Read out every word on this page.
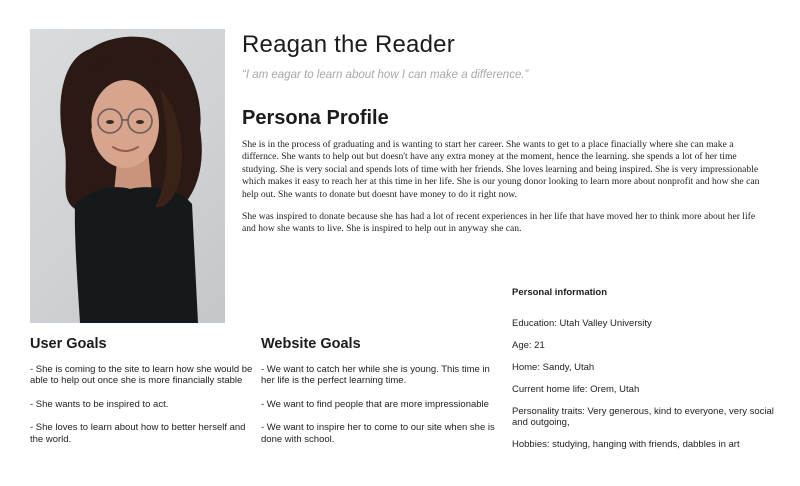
Reagan the Reader
“I am eagar to learn about how I can make a difference.”
Persona Profile

She is in the process of graduating and is wanting to start her career. She wants to get to a place finacially where she can make a differnce. She wants to help out but doesn't have any extra money at the moment, hence the learning. she spends a lot of her time studying. She is very social and spends lots of time with her friends. She loves learning and being inspired. She is very impressionable which makes it easy to reach her at this time in her life. She is our young donor looking to learn more about nonprofit and how she can help out. She wants to donate but doesnt have money to do it right now.

She was inspired to donate because she has had a lot of recent experiences in her life that have moved her to think more about her life and how she wants to live. She is inspired to help out in anyway she can.

User Goals
- She is coming to the site to learn how she would be able to help out once she is more financially stable
- She wants to be inspired to act.
- She loves to learn about how to better herself and the world.
Website Goals
- We want to catch her while she is young. This time in her life is the perfect learning time.
- We want to find people that are more impressionable
- We want to inspire her to come to our site when she is done with school.
Personal information
Education: Utah Valley University
Age: 21
Home: Sandy, Utah
Current home life: Orem, Utah
Personality traits: Very generous, kind to everyone, very social and outgoing,
Hobbies: studying, hanging with friends, dabbles in art
